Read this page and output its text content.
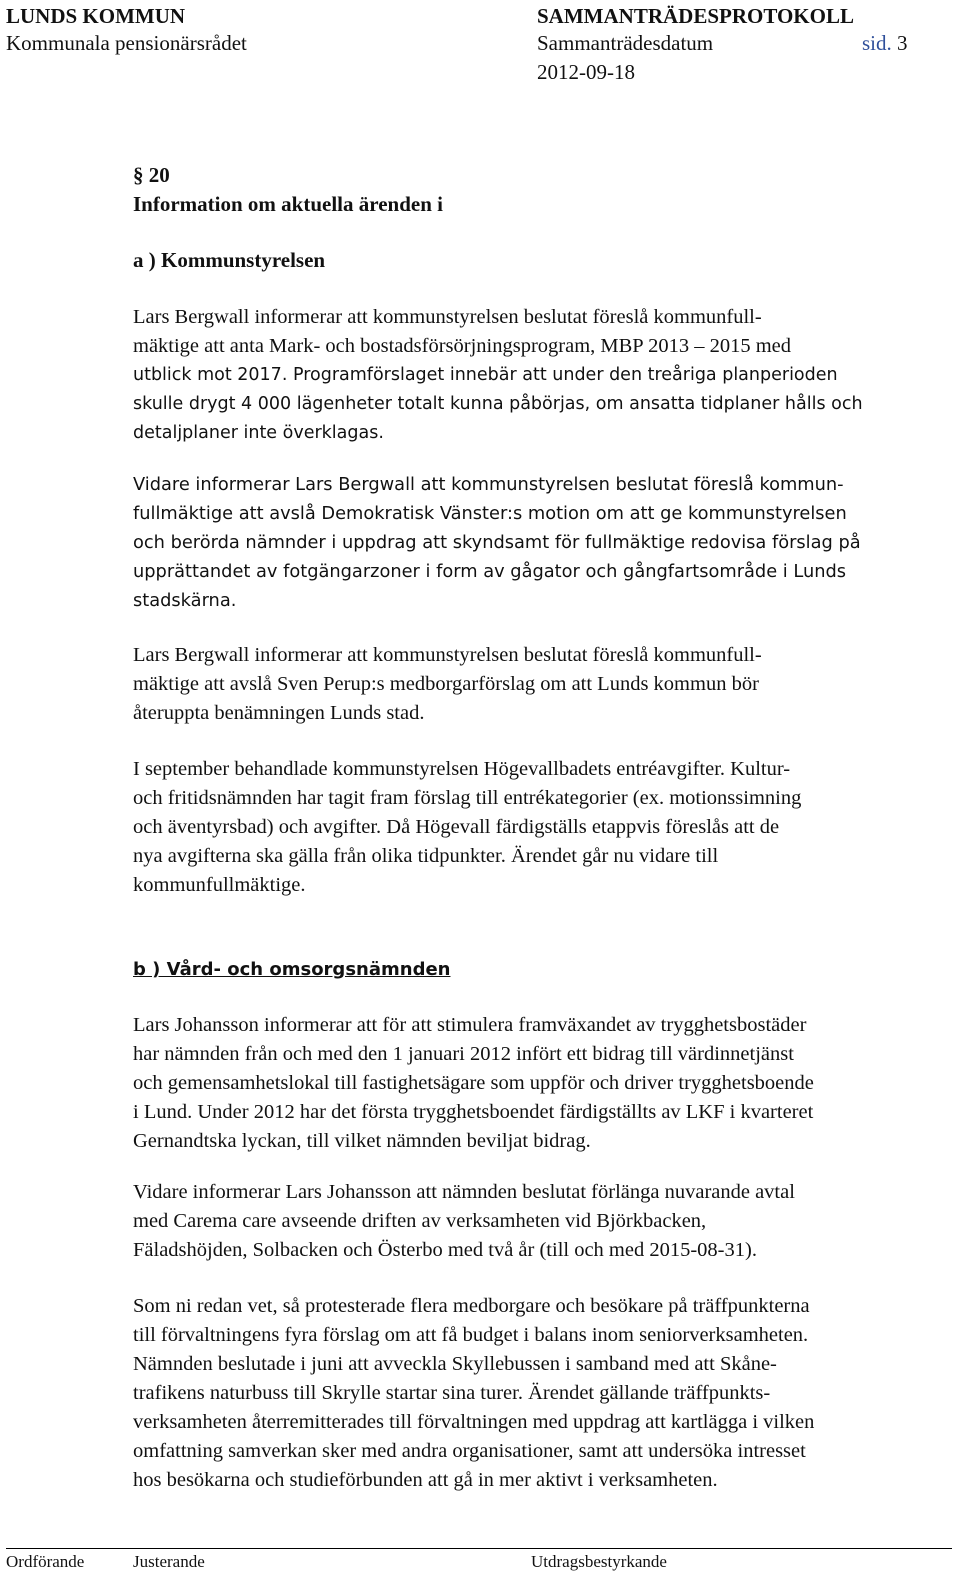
LUNDS KOMMUN	SAMMANTRÄDESPROTOKOLL
Kommunala pensionärsrådet	Sammanträdesdatum	sid. 3
2012-09-18
§ 20
Information om aktuella ärenden i
a ) Kommunstyrelsen

Lars Bergwall informerar att kommunstyrelsen beslutat föreslå kommunfull-
mäktige att anta Mark- och bostadsförsörjningsprogram, MBP 2013 – 2015 med
utblick mot 2017. Programförslaget innebär att under den treåriga planperioden
skulle drygt 4 000 lägenheter totalt kunna påbörjas, om ansatta tidplaner hålls och
detaljplaner inte överklagas.

Vidare informerar Lars Bergwall att kommunstyrelsen beslutat föreslå kommun-
fullmäktige att avslå Demokratisk Vänster:s motion om att ge kommunstyrelsen
och berörda nämnder i uppdrag att skyndsamt för fullmäktige redovisa förslag på
upprättandet av fotgängarzoner i form av gågator och gångfartsområde i Lunds
stadskärna.

Lars Bergwall informerar att kommunstyrelsen beslutat föreslå kommunfull-
mäktige att avslå Sven Perup:s medborgarförslag om att Lunds kommun bör
återuppta benämningen Lunds stad.

I september behandlade kommunstyrelsen Högevallbadets entréavgifter. Kultur-
och fritidsnämnden har tagit fram förslag till entrékategorier (ex. motionssimning
och äventyrsbad) och avgifter. Då Högevall färdigställs etappvis föreslås att de
nya avgifterna ska gälla från olika tidpunkter. Ärendet går nu vidare till
kommunfullmäktige.

b ) Vård- och omsorgsnämnden

Lars Johansson informerar att för att stimulera framväxandet av trygghetsbostäder
har nämnden från och med den 1 januari 2012 infört ett bidrag till värdinnetjänst
och gemensamhetslokal till fastighetsägare som uppför och driver trygghetsboende
i Lund. Under 2012 har det första trygghetsboendet färdigställts av LKF i kvarteret
Gernandtska lyckan, till vilket nämnden beviljat bidrag.

Vidare informerar Lars Johansson att nämnden beslutat förlänga nuvarande avtal
med Carema care avseende driften av verksamheten vid Björkbacken,
Fäladshöjden, Solbacken och Österbo med två år (till och med 2015-08-31).

Som ni redan vet, så protesterade flera medborgare och besökare på träffpunkterna
till förvaltningens fyra förslag om att få budget i balans inom seniorverksamheten.
Nämnden beslutade i juni att avveckla Skyllebussen i samband med att Skåne-
trafikens naturbuss till Skrylle startar sina turer. Ärendet gällande träffpunkts-
verksamheten återremitterades till förvaltningen med uppdrag att kartlägga i vilken
omfattning samverkan sker med andra organisationer, samt att undersöka intresset
hos besökarna och studieförbunden att gå in mer aktivt i verksamheten.

Ordförande	Justerande	Utdragsbestyrkande
